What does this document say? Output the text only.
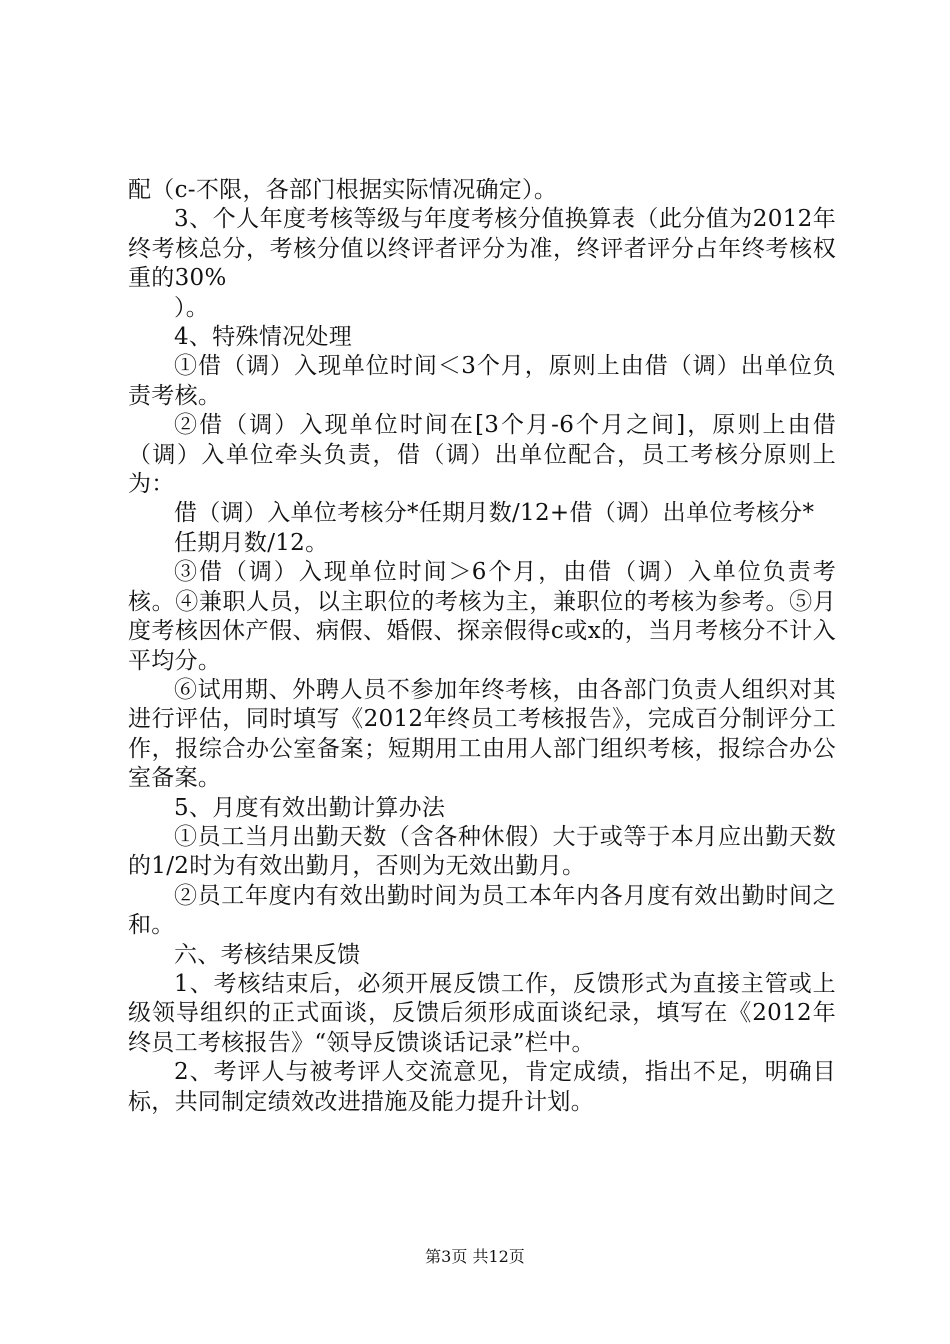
配（c-不限，各部门根据实际情况确定）。

3、个人年度考核等级与年度考核分值换算表（此分值为2012年终考核总分，考核分值以终评者评分为准，终评者评分占年终考核权重的30%

）。

4、特殊情况处理

①借（调）入现单位时间＜3个月，原则上由借（调）出单位负责考核。

②借（调）入现单位时间在[3个月-6个月之间]，原则上由借（调）入单位牵头负责，借（调）出单位配合，员工考核分原则上为：

借（调）入单位考核分*任期月数/12+借（调）出单位考核分*

任期月数/12。

③借（调）入现单位时间＞6个月，由借（调）入单位负责考核。④兼职人员，以主职位的考核为主，兼职位的考核为参考。⑤月度考核因休产假、病假、婚假、探亲假得c或x的，当月考核分不计入平均分。

⑥试用期、外聘人员不参加年终考核，由各部门负责人组织对其进行评估，同时填写《2012年终员工考核报告》，完成百分制评分工作，报综合办公室备案；短期用工由用人部门组织考核，报综合办公室备案。

5、月度有效出勤计算办法

①员工当月出勤天数（含各种休假）大于或等于本月应出勤天数的1/2时为有效出勤月，否则为无效出勤月。

②员工年度内有效出勤时间为员工本年内各月度有效出勤时间之和。

六、考核结果反馈

1、考核结束后，必须开展反馈工作，反馈形式为直接主管或上级领导组织的正式面谈，反馈后须形成面谈纪录，填写在《2012年终员工考核报告》“领导反馈谈话记录”栏中。

2、考评人与被考评人交流意见，肯定成绩，指出不足，明确目标，共同制定绩效改进措施及能力提升计划。

第3页 共12页
